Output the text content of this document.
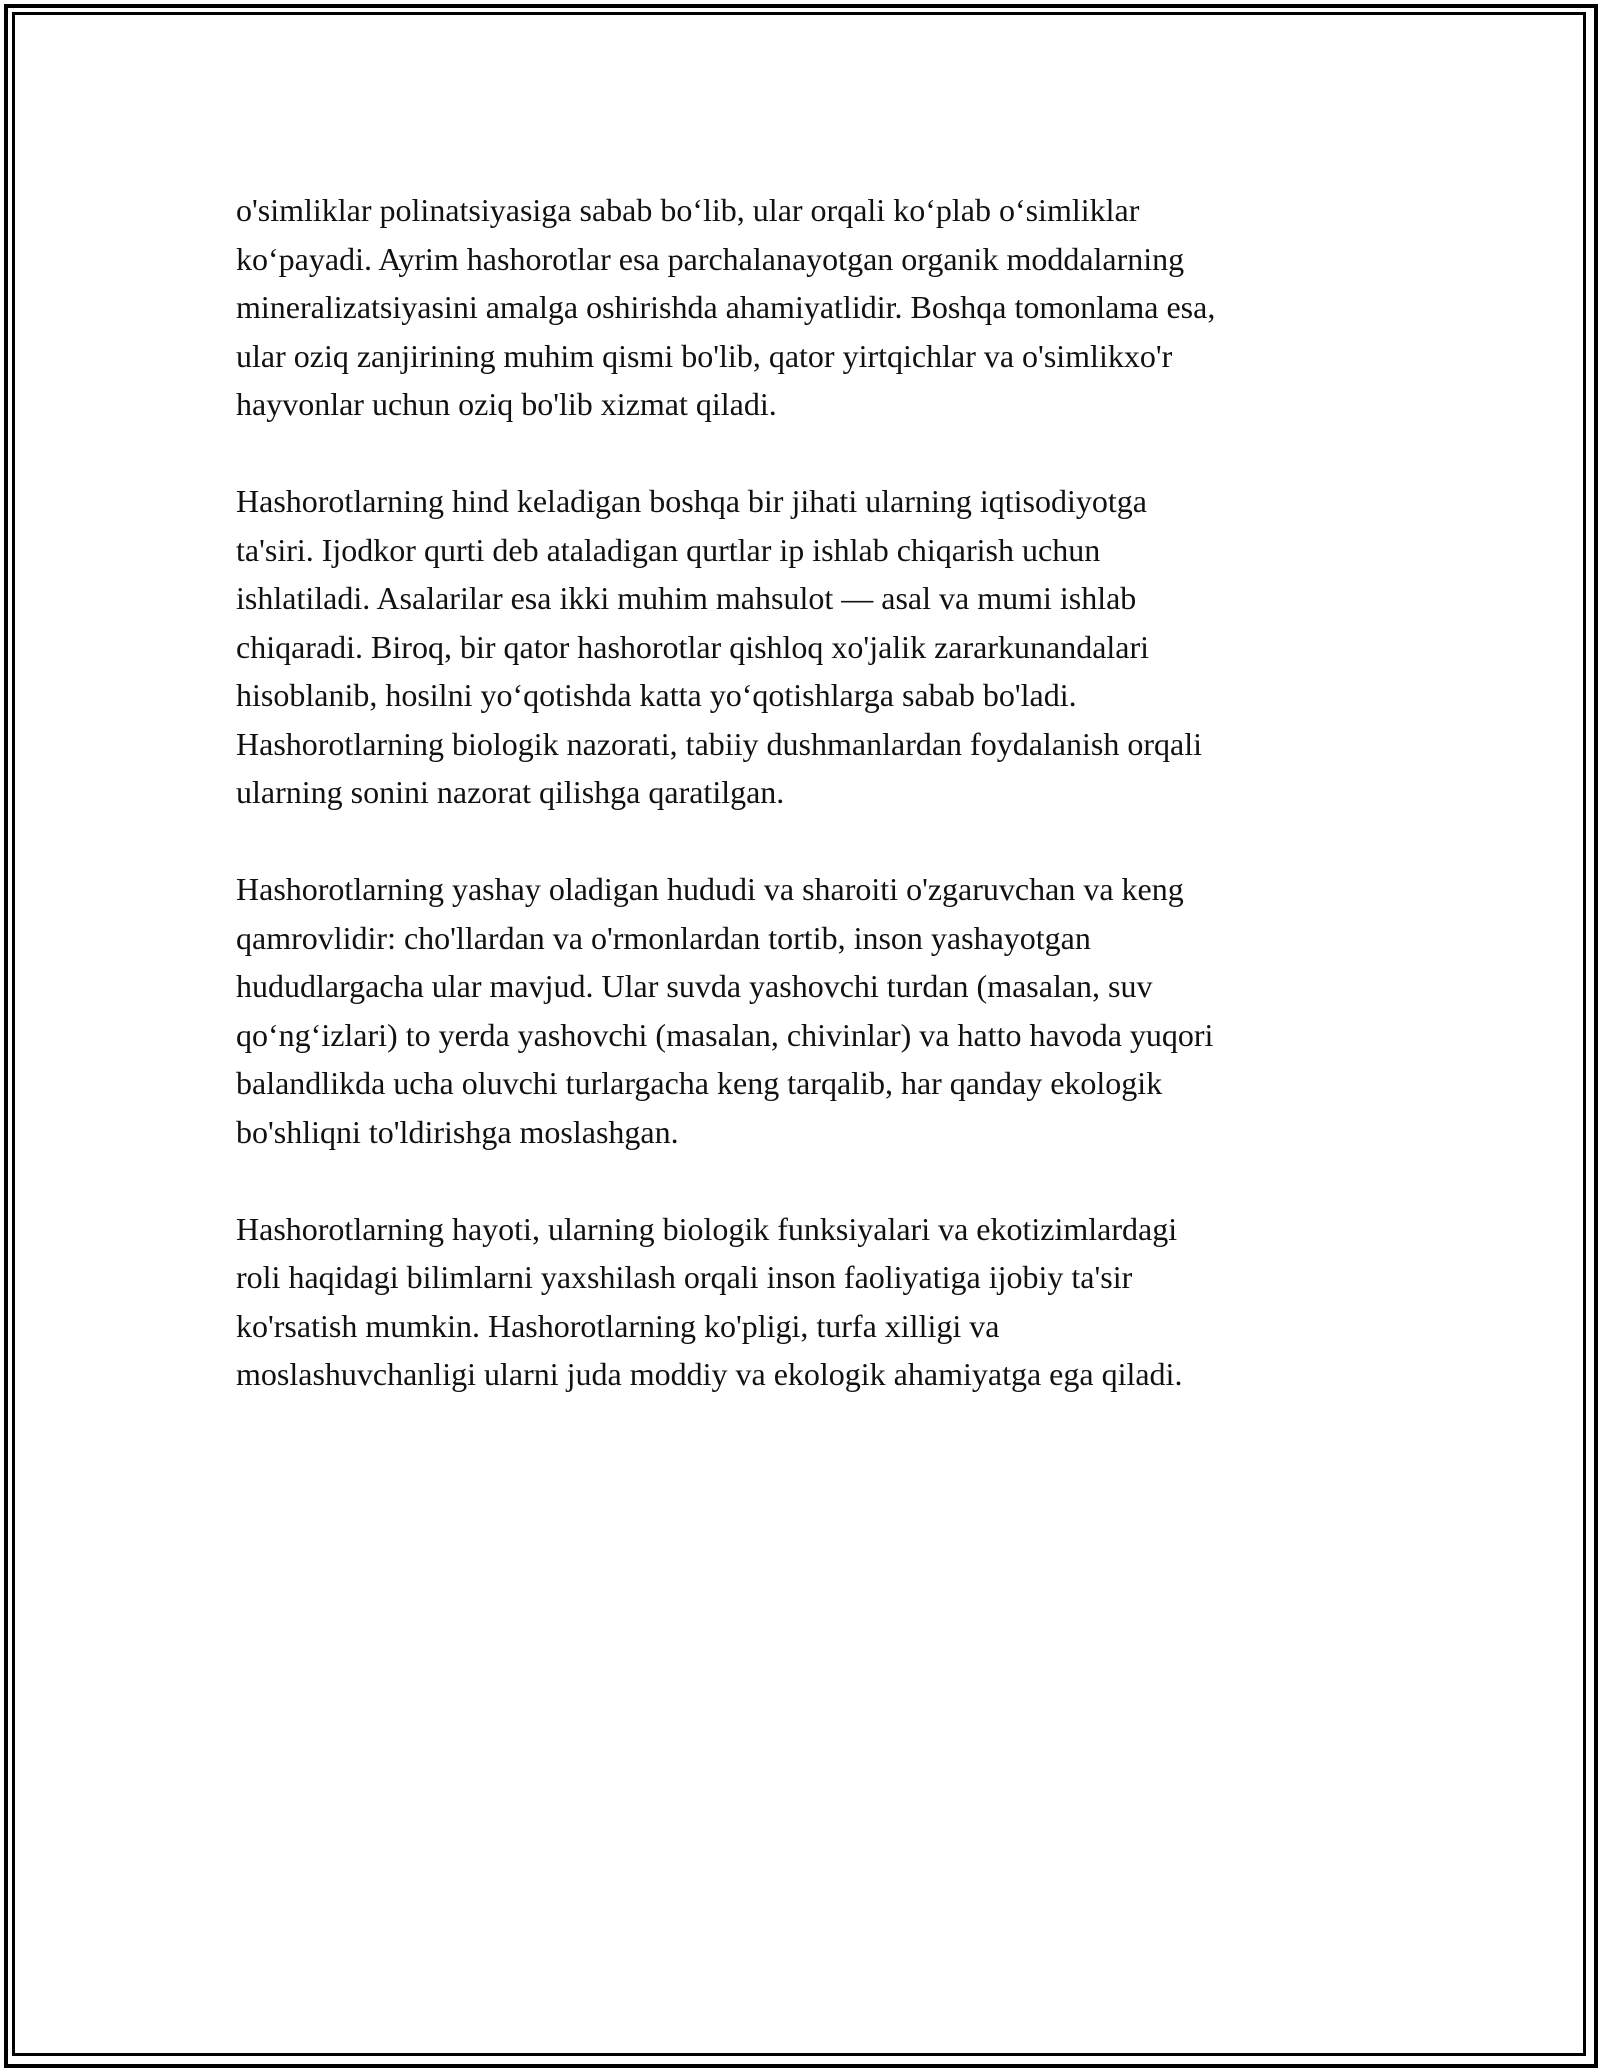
o'simliklar polinatsiyasiga sabab bo‘lib, ular orqali ko‘plab o‘simliklar
ko‘payadi. Ayrim hashorotlar esa parchalanayotgan organik moddalarning
mineralizatsiyasini amalga oshirishda ahamiyatlidir. Boshqa tomonlama esa,
ular oziq zanjirining muhim qismi bo'lib, qator yirtqichlar va o'simlikxo'r
hayvonlar uchun oziq bo'lib xizmat qiladi.

Hashorotlarning hind keladigan boshqa bir jihati ularning iqtisodiyotga
ta'siri. Ijodkor qurti deb ataladigan qurtlar ip ishlab chiqarish uchun
ishlatiladi. Asalarilar esa ikki muhim mahsulot — asal va mumi ishlab
chiqaradi. Biroq, bir qator hashorotlar qishloq xo'jalik zararkunandalari
hisoblanib, hosilni yo‘qotishda katta yo‘qotishlarga sabab bo'ladi.
Hashorotlarning biologik nazorati, tabiiy dushmanlardan foydalanish orqali
ularning sonini nazorat qilishga qaratilgan.

Hashorotlarning yashay oladigan hududi va sharoiti o'zgaruvchan va keng
qamrovlidir: cho'llardan va o'rmonlardan tortib, inson yashayotgan
hududlargacha ular mavjud. Ular suvda yashovchi turdan (masalan, suv
qo‘ng‘izlari) to yerda yashovchi (masalan, chivinlar) va hatto havoda yuqori
balandlikda ucha oluvchi turlargacha keng tarqalib, har qanday ekologik
bo'shliqni to'ldirishga moslashgan.

Hashorotlarning hayoti, ularning biologik funksiyalari va ekotizimlardagi
roli haqidagi bilimlarni yaxshilash orqali inson faoliyatiga ijobiy ta'sir
ko'rsatish mumkin. Hashorotlarning ko'pligi, turfa xilligi va
moslashuvchanligi ularni juda moddiy va ekologik ahamiyatga ega qiladi.
